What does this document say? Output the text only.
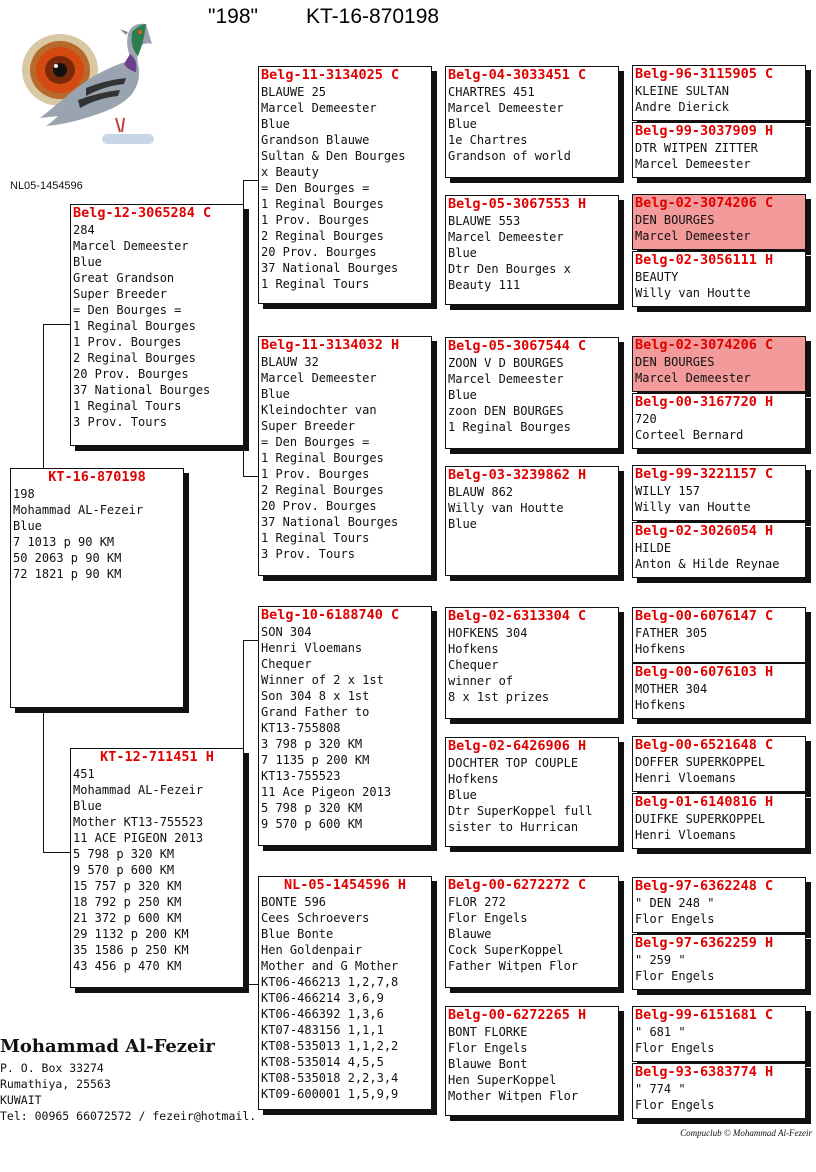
"198" KT-16-870198
NL05-1454596
KT-16-870198
198
Mohammad AL-Fezeir
Blue
7 1013 p 90 KM
50 2063 p 90 KM
72 1821 p 90 KM
Belg-12-3065284 C
284
Marcel Demeester
Blue
Great Grandson
Super Breeder
= Den Bourges =
1 Reginal Bourges
1 Prov. Bourges
2 Reginal Bourges
20 Prov. Bourges
37 National Bourges
1 Reginal Tours
3 Prov. Tours
KT-12-711451 H
451
Mohammad AL-Fezeir
Blue
Mother KT13-755523
11 ACE PIGEON 2013
5 798 p 320 KM
9 570 p 600 KM
15 757 p 320 KM
18 792 p 250 KM
21 372 p 600 KM
29 1132 p 200 KM
35 1586 p 250 KM
43 456 p 470 KM
Belg-11-3134025 C
BLAUWE 25
Marcel Demeester
Blue
Grandson Blauwe
Sultan & Den Bourges
x Beauty
= Den Bourges =
1 Reginal Bourges
1 Prov. Bourges
2 Reginal Bourges
20 Prov. Bourges
37 National Bourges
1 Reginal Tours
Belg-11-3134032 H
BLAUW 32
Marcel Demeester
Blue
Kleindochter van
Super Breeder
= Den Bourges =
1 Reginal Bourges
1 Prov. Bourges
2 Reginal Bourges
20 Prov. Bourges
37 National Bourges
1 Reginal Tours
3 Prov. Tours
Belg-10-6188740 C
SON 304
Henri Vloemans
Chequer
Winner of 2 x 1st
Son 304 8 x 1st
Grand Father to
KT13-755808
3 798 p 320 KM
7 1135 p 200 KM
KT13-755523
11 Ace Pigeon 2013
5 798 p 320 KM
9 570 p 600 KM
NL-05-1454596 H
BONTE 596
Cees Schroevers
Blue Bonte
Hen Goldenpair
Mother and G Mother
KT06-466213 1,2,7,8
KT06-466214 3,6,9
KT06-466392 1,3,6
KT07-483156 1,1,1
KT08-535013 1,1,2,2
KT08-535014 4,5,5
KT08-535018 2,2,3,4
KT09-600001 1,5,9,9
Belg-04-3033451 C
CHARTRES 451
Marcel Demeester
Blue
1e Chartres
Grandson of world
Belg-05-3067553 H
BLAUWE 553
Marcel Demeester
Blue
Dtr Den Bourges x
Beauty 111
Belg-05-3067544 C
ZOON V D BOURGES
Marcel Demeester
Blue
zoon DEN BOURGES
1 Reginal Bourges
Belg-03-3239862 H
BLAUW 862
Willy van Houtte
Blue
Belg-02-6313304 C
HOFKENS 304
Hofkens
Chequer
winner of
8 x 1st prizes
Belg-02-6426906 H
DOCHTER TOP COUPLE
Hofkens
Blue
Dtr SuperKoppel full
sister to Hurrican
Belg-00-6272272 C
FLOR 272
Flor Engels
Blauwe
Cock SuperKoppel
Father Witpen Flor
Belg-00-6272265 H
BONT FLORKE
Flor Engels
Blauwe Bont
Hen SuperKoppel
Mother Witpen Flor
Belg-96-3115905 C
KLEINE SULTAN
Andre Dierick
Belg-99-3037909 H
DTR WITPEN ZITTER
Marcel Demeester
Belg-02-3074206 C
DEN BOURGES
Marcel Demeester
Belg-02-3056111 H
BEAUTY
Willy van Houtte
Belg-02-3074206 C
DEN BOURGES
Marcel Demeester
Belg-00-3167720 H
720
Corteel Bernard
Belg-99-3221157 C
WILLY 157
Willy van Houtte
Belg-02-3026054 H
HILDE
Anton & Hilde Reynae
Belg-00-6076147 C
FATHER 305
Hofkens
Belg-00-6076103 H
MOTHER 304
Hofkens
Belg-00-6521648 C
DOFFER SUPERKOPPEL
Henri Vloemans
Belg-01-6140816 H
DUIFKE SUPERKOPPEL
Henri Vloemans
Belg-97-6362248 C
" DEN 248 "
Flor Engels
Belg-97-6362259 H
" 259 "
Flor Engels
Belg-99-6151681 C
" 681 "
Flor Engels
Belg-93-6383774 H
" 774 "
Flor Engels
Mohammad Al-Fezeir
P. O. Box 33274
Rumathiya, 25563
KUWAIT
Tel: 00965 66072572 / fezeir@hotmail.
Compuclub © Mohammad Al-Fezeir
